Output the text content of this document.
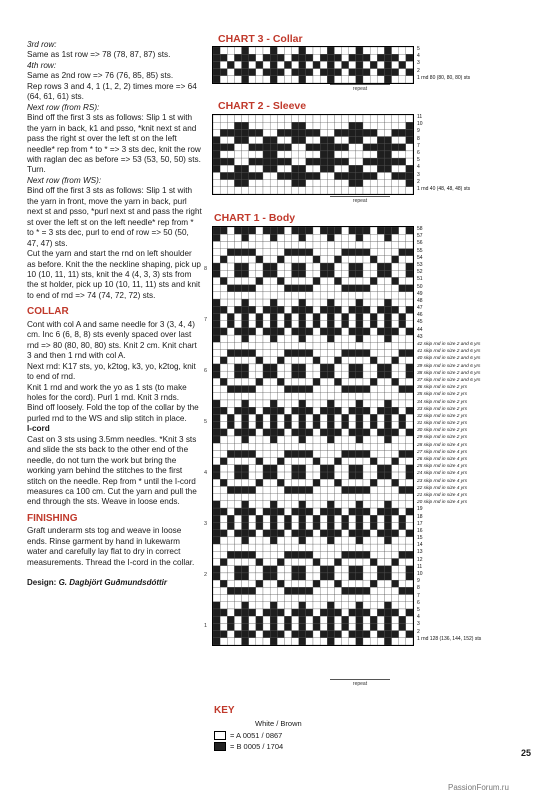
3rd row:

Same as 1st row => 78 (78, 87, 87) sts.

4th row:

Same as 2nd row => 76 (76, 85, 85) sts.

Rep rows 3 and 4, 1 (1, 2, 2) times more => 64 (64, 61, 61) sts.

Next row (from RS):

Bind off the first 3 sts as follows: Slip 1 st with the yarn in back, k1 and psso, *knit next st and pass the right st over the left st on the left needle* rep from * to * => 3 sts dec, knit the row with raglan dec as before => 53 (53, 50, 50) sts. Turn.

Next row (from WS):

Bind off the first 3 sts as follows: Slip 1 st with the yarn in front, move the yarn in back, purl next st and psso, *purl next st and pass the right st over the left st on the left needle* rep from * to * = 3 sts dec, purl to end of row => 50 (50, 47, 47) sts.

Cut the yarn and start the rnd on left shoulder as before. Knit the the neckline shaping, pick up 10 (10, 11, 11) sts, knit the 4 (4, 3, 3) sts from the st holder, pick up 10 (10, 11, 11) sts and knit to end of rnd => 74 (74, 72, 72) sts.

COLLAR

Cont with col A and same needle for 3 (3, 4, 4) cm. Inc 6 (6, 8, 8) sts evenly spaced over last rnd => 80 (80, 80, 80) sts. Knit 2 cm. Knit chart 3 and then 1 rnd with col A.

Next rnd: K17 sts, yo, k2tog, k3, yo, k2tog, knit to end of rnd.

Knit 1 rnd and work the yo as 1 sts (to make holes for the cord). Purl 1 rnd. Knit 3 rnds.

Bind off loosely. Fold the top of the collar by the purled rnd to the WS and slip stitch in place.

I-cord

Cast on 3 sts using 3.5mm needles. *Knit 3 sts and slide the sts back to the other end of the needle, do not turn the work but bring the working yarn behind the stitches to the first stitch on the needle. Rep from * until the I-cord measures ca 100 cm. Cut the yarn and pull the end through the sts. Weave in loose ends.

FINISHING

Graft underarm sts tog and weave in loose ends. Rinse garment by hand in lukewarm water and carefully lay flat to dry in correct measurements. Thread the I-cord in the collar.

Design: G. Dagbjört Guðmundsdóttir

CHART 3 - Collar
5
4
3
2
1 rnd 80 (80, 80, 80) sts
repeat
CHART 2 - Sleeve
11
10
9
8
7
6
5
4
3
2
1 rnd 40 (48, 48, 48) sts
repeat
CHART 1 - Body
58
57
56
55
54
53
52
51
50
49
48
47
46
45
44
43
42 skip rnd in size 2 and 6 yrs
41 skip rnd in size 2 and 6 yrs
40 skip rnd in size 2 and 6 yrs
39 skip rnd in size 2 and 6 yrs
38 skip rnd in size 2 and 6 yrs
37 skip rnd in size 2 and 6 yrs
36 skip rnd in size 2 yrs
35 skip rnd in size 2 yrs
34 skip rnd in size 2 yrs
33 skip rnd in size 2 yrs
32 skip rnd in size 2 yrs
31 skip rnd in size 2 yrs
30 skip rnd in size 2 yrs
29 skip rnd in size 2 yrs
28 skip rnd in size 4 yrs
27 skip rnd in size 4 yrs
26 skip rnd in size 4 yrs
25 skip rnd in size 4 yrs
24 skip rnd in size 4 yrs
23 skip rnd in size 4 yrs
22 skip rnd in size 4 yrs
21 skip rnd in size 4 yrs
20 skip rnd in size 4 yrs
19
18
17
16
15
14
13
12
11
10
9
8
7
6
5
4
3
2
1 rnd 128 (136, 144, 152) sts
8
7
6
5
4
3
2
1
repeat
KEY
White / Brown
= A 0051 / 0867
= B 0005 / 1704
25
PassionForum.ru
